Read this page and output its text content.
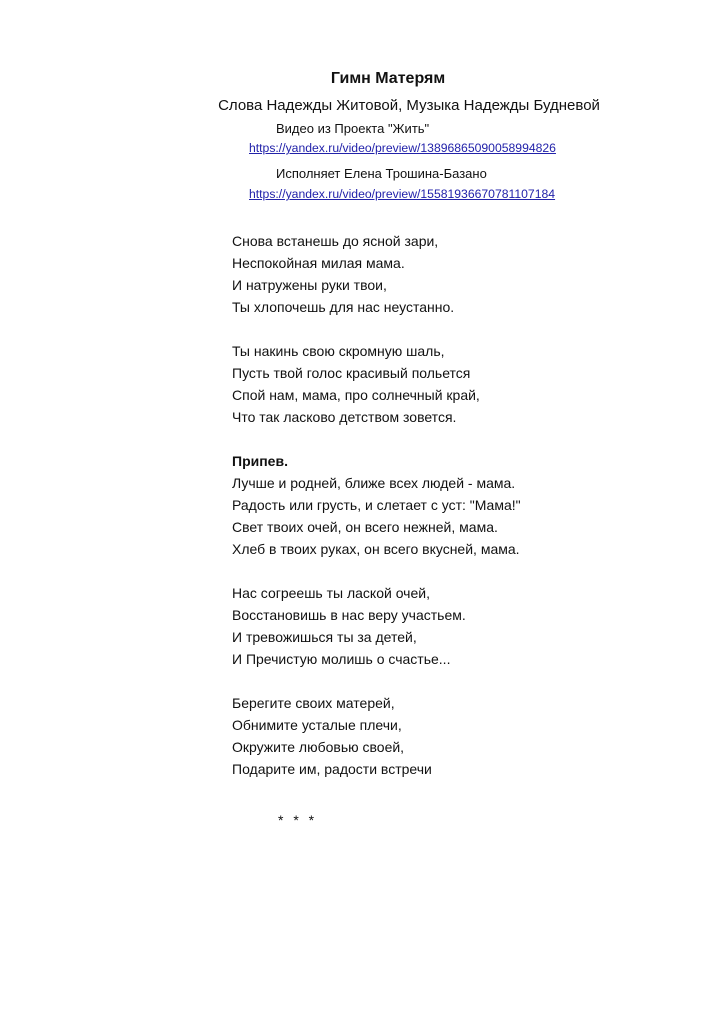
Гимн Матерям

Слова Надежды Житовой, Музыка Надежды Будневой

Видео из Проекта "Жить"

https://yandex.ru/video/preview/13896865090058994826

Исполняет Елена Трошина-Базано

https://yandex.ru/video/preview/15581936670781107184
Снова встанешь до ясной зари,
Неспокойная милая мама.
И натружены руки твои,
Ты хлопочешь для нас неустанно.
Ты накинь свою скромную шаль,
Пусть твой голос красивый польется
Спой нам, мама, про солнечный край,
Что так ласково детством зовется.
Припев.
Лучше и родней, ближе всех людей - мама.
Радость или грусть, и слетает с уст: "Мама!"
Свет твоих очей, он всего нежней, мама.
Хлеб в твоих руках, он всего вкусней, мама.
Нас согреешь ты лаской очей,
Восстановишь в нас веру участьем.
И тревожишься ты за детей,
И Пречистую молишь о счастье...
Берегите своих матерей,
Обнимите усталые плечи,
Окружите любовью своей,
Подарите им, радости встречи

* * *
